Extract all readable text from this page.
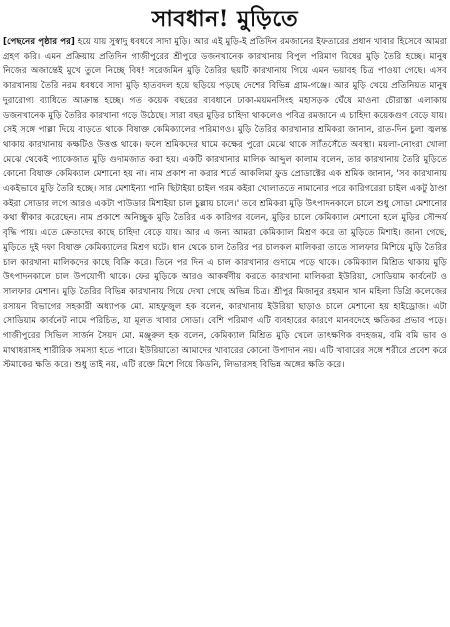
সাবধান! মুড়িতে

[পেছনের পৃষ্ঠার পর] হয়ে যায় সুস্বাদু ধবধবে সাদা মুড়ি। আর এই মুড়ি-ই প্রতিদিন রমজানের ইফতারের প্রধান খাবার হিসেবে আমরা গ্রহণ করি। এমন প্রক্রিয়ায় প্রতিদিন গাজীপুরের শ্রীপুরে ডজনখানেক কারখানায় বিপুল পরিমাণ বিষের মুড়ি তৈরি হচ্ছে। মানুষ নিজের অজান্তেই মুখে তুলে নিচ্ছে বিষ! সরেজমিন মুড়ি তৈরির ছয়টি কারখানায় গিয়ে এমন ভয়াবহ চিত্র পাওয়া গেছে। এসব কারখানায় তৈরি নরম ধবধবে সাদা মুড়ি হাতবদল হয়ে ছড়িয়ে পড়ছে দেশের বিভিন্ন গ্রাম-গঞ্জে। আর মুড়ি খেয়ে প্রতিনিয়ত মানুষ দুরারোগ্য ব্যাধিতে আক্রান্ত হচ্ছে। গত কয়েক বছরের ব্যবধানে ঢাকা-ময়মনসিংহ মহাসড়ক ঘেঁষে মাওনা চৌরাস্তা এলাকায় ডজনখানেক মুড়ি তৈরির কারখানা গড়ে উঠেছে। সারা বছর মুড়ির চাহিদা থাকলেও পবিত্র রমজানে এ চাহিদা কয়েকগুণ বেড়ে যায়। সেই সঙ্গে পাল্লা দিয়ে বাড়তে থাকে বিষাক্ত কেমিক্যালের পরিমাণও। মুড়ি তৈরির কারখানার শ্রমিকরা জানান, রাত-দিন চুলা জ্বলন্ত থাকায় কারখানায় কক্ষটিও উত্তপ্ত থাকে। ফলে শ্রমিকদের ঘামে কক্ষের পুরো মেঝে থাকে স্যাঁতসেঁতে অবস্থা। ময়লা-নোংরা খোলা মেঝে থেকেই প্যাকেজাত মুড়ি গুদামজাত করা হয়। একটি কারখানার মালিক আব্দুল কালাম বলেন, তার কারখানায় তৈরি মুড়িতে কোনো বিষাক্ত কেমিক্যাল মেশানো হয় না। নাম প্রকাশ না করার শর্তে আকলিমা ফুড প্রোডাক্টের এক শ্রমিক জানান, 'সব কারখানায় একইভাবে মুড়ি তৈরি হচ্ছে। সার মেশাইন্যা পানি ছিটাইয়া চাইল গরম কইরা খোলাততে নামানোর পরে কারিগরেরা চাইল একটু ঠাণ্ডা কইরা সোডার লগে আরও একটা পাউডার মিশাইয়া চাল চুল্লায় চালে।' তবে শ্রমিকরা মুড়ি উৎপাদনকালে চালে শুধু সোডা মেশানোর কথা স্বীকার করেছেন। নাম প্রকাশে অনিচ্ছুক মুড়ি তৈরির এক কারিগর বলেন, মুড়ির চালে কেমিক্যাল মেশানো হলে মুড়ির সৌন্দর্য বৃদ্ধি পায়। এতে ক্রেতাদের কাছে চাহিদা বেড়ে যায়। আর এ জন্য আমরা কেমিক্যাল মিশ্রণ করে তা মুড়িতে মিশাই। জানা গেছে, মুড়িতে দুই দফা বিষাক্ত কেমিক্যালের মিশ্রণ ঘটে। ধান থেকে চাল তৈরির পর চালকল মালিকরা তাতে সালফার মিশিয়ে মুড়ি তৈরির চাল কারখানা মালিকদের কাছে বিক্রি করে। তিনে পর দিন এ চাল কারখানার গুদামে পড়ে থাকে। কেমিক্যাল মিশ্রিত থাকায় মুড়ি উৎপাদনকালে চাল উপযোগী থাকে। ফের মুড়িকে আরও আকর্ষণীয় করতে কারখানা মালিকরা ইউরিয়া, সোডিয়াম কার্বনেট ও সালফার মেশান। মুড়ি তৈরির বিভিন্ন কারখানায় গিয়ে দেখা গেছে অভিন্ন চিত্র। শ্রীপুর মিজানুর রহমান খান মহিলা ডিগ্রি কলেজের রসায়ন বিভাগের সহকারী অধ্যাপক মো. মাহফুজুল হক বলেন, কারখানায় ইউরিয়া ছাড়াও চালে মেশানো হয় হাইড্রোজ। এটা সোডিয়াম কার্বনেট নামে পরিচিত, যা মূলত খাবার সোডা। বেশি পরিমাণ এটি ব্যবহারের কারণে মানবদেহে ক্ষতিকর প্রভাব পড়ে। গাজীপুরের সিভিল সার্জন সৈয়দ মো. মঞ্জুরুল হক বলেন, কেমিক্যাল মিশ্রিত মুড়ি খেলে তাৎক্ষণিক বদহজম, বমি বমি ভাব ও মাথাধরাসহ শারীরিক সমস্যা হতে পারে। ইউরিয়াতো আমাদের খাবারের কোনো উপাদান নয়। এটি খাবারের সঙ্গে শরীরে প্রবেশ করে স্টমাকের ক্ষতি করে। শুধু তাই নয়, এটি রক্তে মিশে গিয়ে কিডনি, লিভারসহ বিভিন্ন অঙ্গের ক্ষতি করে।
